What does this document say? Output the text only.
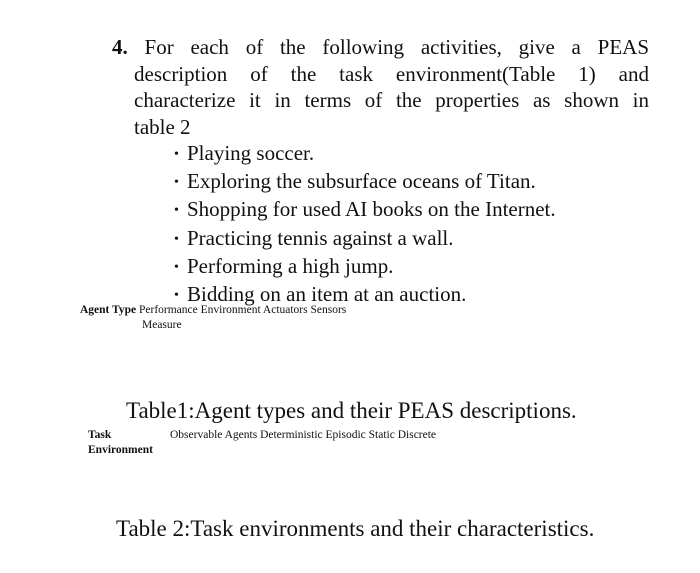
4. For each of the following activities, give a PEAS
description of the task environment(Table 1) and
characterize it in terms of the properties as shown in
table 2
• Playing soccer.
• Exploring the subsurface oceans of Titan.
• Shopping for used AI books on the Internet.
• Practicing tennis against a wall.
• Performing a high jump.
• Bidding on an item at an auction.
Agent Type Performance Environment Actuators Sensors
Measure
Table1:Agent types and their PEAS descriptions.
Task
Environment
Observable Agents Deterministic Episodic Static Discrete
Table 2:Task environments and their characteristics.
